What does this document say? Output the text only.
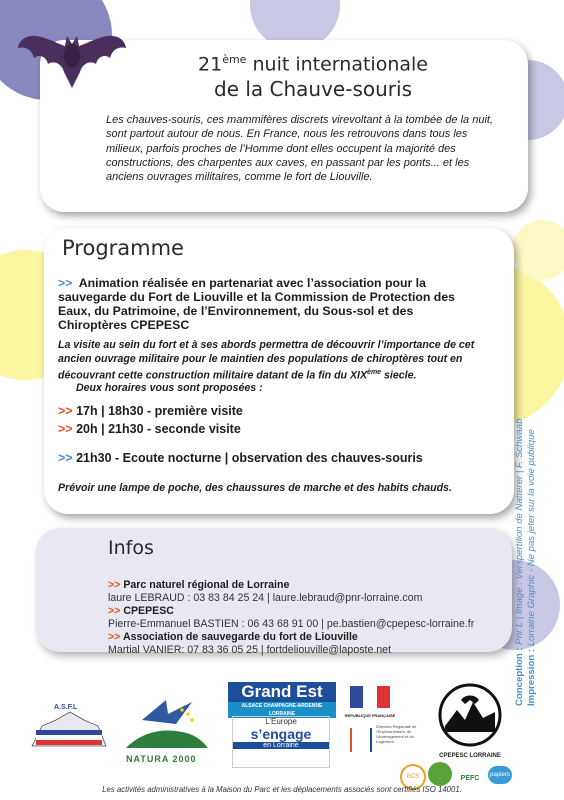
21ème nuit internationale
de la Chauve-souris
Les chauves-souris, ces mammifères discrets virevoltant à la tombée de la nuit, sont partout autour de nous. En France, nous les retrouvons dans tous les milieux, parfois proches de l’Homme dont elles occupent la majorité des constructions, des charpentes aux caves, en passant par les ponts... et les anciens ouvrages militaires, comme le fort de Liouville.
Programme
>> Animation réalisée en partenariat avec l’association pour la sauvegarde du Fort de Liouville et la Commission de Protection des Eaux, du Patrimoine, de l’Environnement, du Sous-sol et des Chiroptères CPEPESC
La visite au sein du fort et à ses abords permettra de découvrir l’importance de cet ancien ouvrage militaire pour le maintien des populations de chiroptères tout en découvrant cette construction militaire datant de la fin du XIXème siecle.
Deux horaires vous sont proposées :
>> 17h | 18h30 - première visite
>> 20h | 21h30 - seconde visite
>> 21h30 - Ecoute nocturne | observation des chauves-souris
Prévoir une lampe de poche, des chaussures de marche et des habits chauds.
Conception : Pnr L | Image : Verspertilion de Natterer | F. Schwaab
Impression : Lorraine Graphic - Ne pas jeter sur la voie publique
Infos
>> Parc naturel régional de Lorraine
laure LEBRAUD : 03 83 84 25 24 | laure.lebraud@pnr-lorraine.com
>> CPEPESC
Pierre-Emmanuel BASTIEN : 06 43 68 91 00 | pe.bastien@cpepesc-lorraine.fr
>> Association de sauvegarde du fort de Liouville
Martial VANIER: 07 83 36 05 25 | fortdeliouville@laposte.net
A.S.F.L
NATURA 2000
Grand Est
ALSACE CHAMPAGNE-ARDENNE LORRAINE
L’Europe
s’engage
en Lorraine
RÉPUBLIQUE FRANÇAISE
Direction Régionale de l’Environnement, de l’Aménagement et du Logement
CPEPESC LORRAINE
BCS	PEFC	papiers
Les activités administratives à la Maison du Parc et les déplacements associés sont certifiés ISO 14001.
